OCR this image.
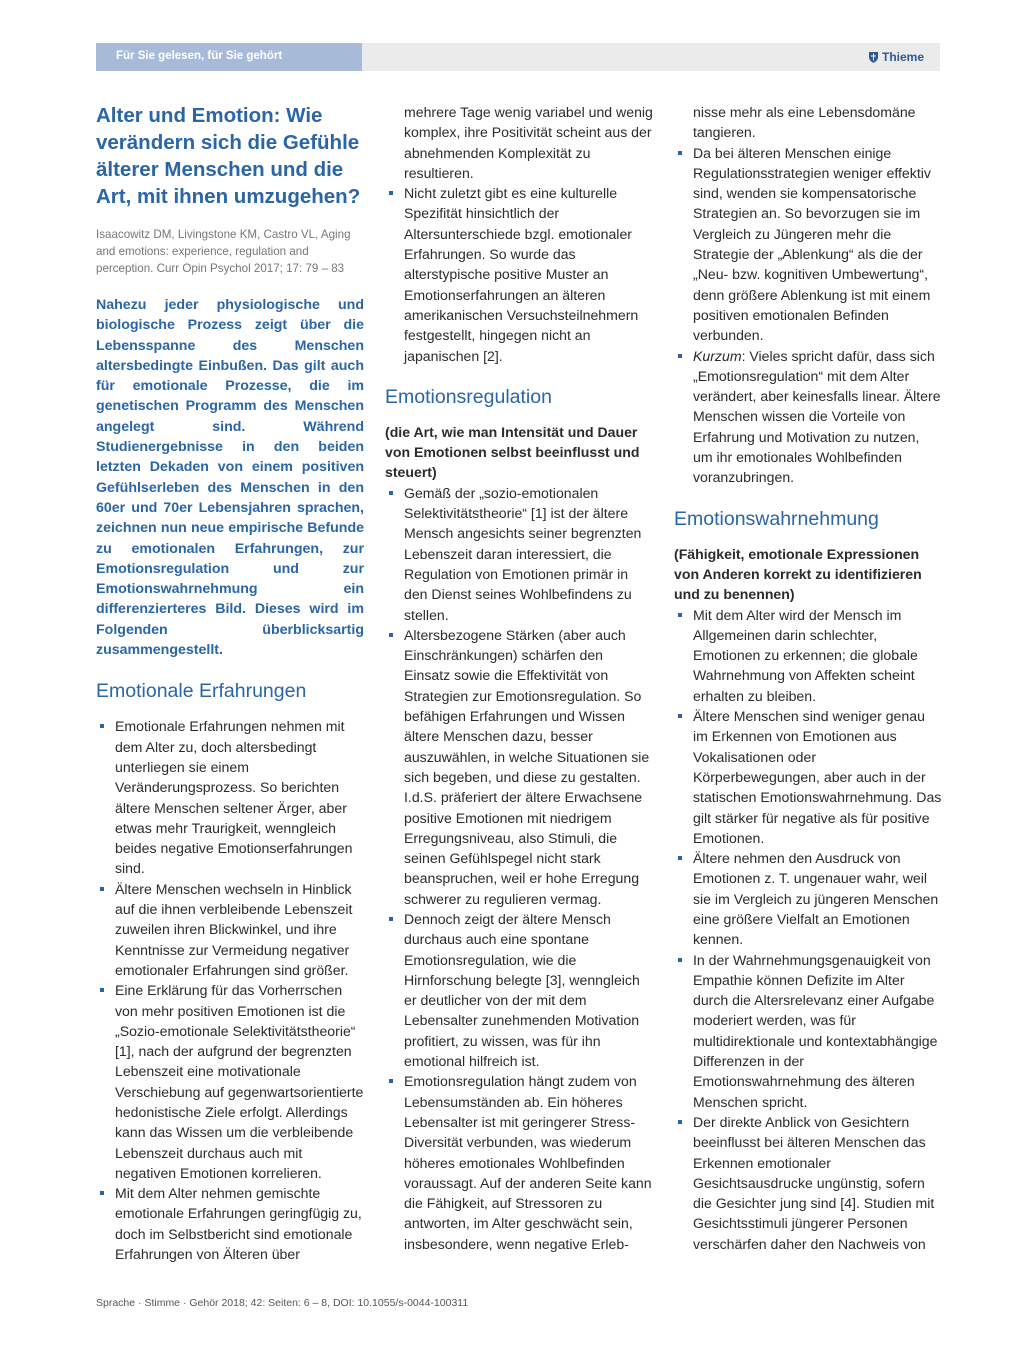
Für Sie gelesen, für Sie gehört	Thieme
Alter und Emotion: Wie verändern sich die Gefühle älterer Menschen und die Art, mit ihnen umzugehen?

Isaacowitz DM, Livingstone KM, Castro VL, Aging and emotions: experience, regulation and perception. Curr Opin Psychol 2017; 17: 79 – 83

Nahezu jeder physiologische und biologische Prozess zeigt über die Lebensspanne des Menschen altersbedingte Einbußen. Das gilt auch für emotionale Prozesse, die im genetischen Programm des Menschen angelegt sind. Während Studienergebnisse in den beiden letzten Dekaden von einem positiven Gefühlserleben des Menschen in den 60er und 70er Lebensjahren sprachen, zeichnen nun neue empirische Befunde zu emotionalen Erfahrungen, zur Emotionsregulation und zur Emotionswahrnehmung ein differenzierteres Bild. Dieses wird im Folgenden überblicksartig zusammengestellt.

Emotionale Erfahrungen
Emotionale Erfahrungen nehmen mit dem Alter zu, doch altersbedingt unterliegen sie einem Veränderungsprozess. So berichten ältere Menschen seltener Ärger, aber etwas mehr Traurigkeit, wenngleich beides negative Emotionserfahrungen sind.
Ältere Menschen wechseln in Hinblick auf die ihnen verbleibende Lebenszeit zuweilen ihren Blickwinkel, und ihre Kenntnisse zur Vermeidung negativer emotionaler Erfahrungen sind größer.
Eine Erklärung für das Vorherrschen von mehr positiven Emotionen ist die „Sozio-emotionale Selektivitätstheorie“ [1], nach der aufgrund der begrenzten Lebenszeit eine motivationale Verschiebung auf gegenwartsorientierte hedonistische Ziele erfolgt. Allerdings kann das Wissen um die verbleibende Lebenszeit durchaus auch mit negativen Emotionen korrelieren.
Mit dem Alter nehmen gemischte emotionale Erfahrungen geringfügig zu, doch im Selbstbericht sind emotionale Erfahrungen von Älteren über
mehrere Tage wenig variabel und wenig komplex, ihre Positivität scheint aus der abnehmenden Komplexität zu resultieren.
Nicht zuletzt gibt es eine kulturelle Spezifität hinsichtlich der Altersunterschiede bzgl. emotionaler Erfahrungen. So wurde das alterstypische positive Muster an Emotionserfahrungen an älteren amerikanischen Versuchsteilnehmern festgestellt, hingegen nicht an japanischen [2].
Emotionsregulation

(die Art, wie man Intensität und Dauer von Emotionen selbst beeinflusst und steuert)

Gemäß der „sozio-emotionalen Selektivitätstheorie“ [1] ist der ältere Mensch angesichts seiner begrenzten Lebenszeit daran interessiert, die Regulation von Emotionen primär in den Dienst seines Wohlbefindens zu stellen.
Altersbezogene Stärken (aber auch Einschränkungen) schärfen den Einsatz sowie die Effektivität von Strategien zur Emotionsregulation. So befähigen Erfahrungen und Wissen ältere Menschen dazu, besser auszuwählen, in welche Situationen sie sich begeben, und diese zu gestalten. I.d.S. präferiert der ältere Erwachsene positive Emotionen mit niedrigem Erregungsniveau, also Stimuli, die seinen Gefühlspegel nicht stark beanspruchen, weil er hohe Erregung schwerer zu regulieren vermag.
Dennoch zeigt der ältere Mensch durchaus auch eine spontane Emotionsregulation, wie die Hirnforschung belegte [3], wenngleich er deutlicher von der mit dem Lebensalter zunehmenden Motivation profitiert, zu wissen, was für ihn emotional hilfreich ist.
Emotionsregulation hängt zudem von Lebensumständen ab. Ein höheres Lebensalter ist mit geringerer Stress-Diversität verbunden, was wiederum höheres emotionales Wohlbefinden voraussagt. Auf der anderen Seite kann die Fähigkeit, auf Stressoren zu antworten, im Alter geschwächt sein, insbesondere, wenn negative Erleb-
nisse mehr als eine Lebensdomäne tangieren.
Da bei älteren Menschen einige Regulationsstrategien weniger effektiv sind, wenden sie kompensatorische Strategien an. So bevorzugen sie im Vergleich zu Jüngeren mehr die Strategie der „Ablenkung“ als die der „Neu- bzw. kognitiven Umbewertung“, denn größere Ablenkung ist mit einem positiven emotionalen Befinden verbunden.
Kurzum: Vieles spricht dafür, dass sich „Emotionsregulation“ mit dem Alter verändert, aber keinesfalls linear. Ältere Menschen wissen die Vorteile von Erfahrung und Motivation zu nutzen, um ihr emotionales Wohlbefinden voranzubringen.
Emotionswahrnehmung

(Fähigkeit, emotionale Expressionen von Anderen korrekt zu identifizieren und zu benennen)

Mit dem Alter wird der Mensch im Allgemeinen darin schlechter, Emotionen zu erkennen; die globale Wahrnehmung von Affekten scheint erhalten zu bleiben.
Ältere Menschen sind weniger genau im Erkennen von Emotionen aus Vokalisationen oder Körperbewegungen, aber auch in der statischen Emotionswahrnehmung. Das gilt stärker für negative als für positive Emotionen.
Ältere nehmen den Ausdruck von Emotionen z. T. ungenauer wahr, weil sie im Vergleich zu jüngeren Menschen eine größere Vielfalt an Emotionen kennen.
In der Wahrnehmungsgenauigkeit von Empathie können Defizite im Alter durch die Altersrelevanz einer Aufgabe moderiert werden, was für multidirektionale und kontextabhängige Differenzen in der Emotionswahrnehmung des älteren Menschen spricht.
Der direkte Anblick von Gesichtern beeinflusst bei älteren Menschen das Erkennen emotionaler Gesichtsausdrucke ungünstig, sofern die Gesichter jung sind [4]. Studien mit Gesichtsstimuli jüngerer Personen verschärfen daher den Nachweis von
Sprache · Stimme · Gehör 2018; 42: Seiten: 6 – 8, DOI: 10.1055/s-0044-100311
